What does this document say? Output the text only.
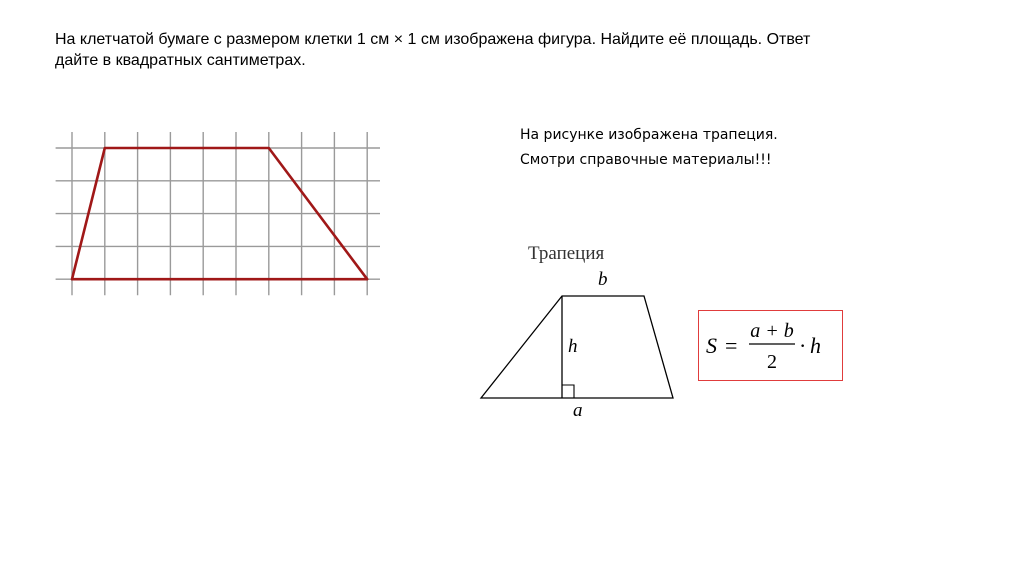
На клетчатой бумаге с размером клетки 1 см × 1 см изображена фигура. Найдите её площадь. Ответ
дайте в квадратных сантиметрах.
На рисунке изображена трапеция.
Смотри справочные материалы!!!
Трапеция
b
h
a
S =
a + b
2
· h
